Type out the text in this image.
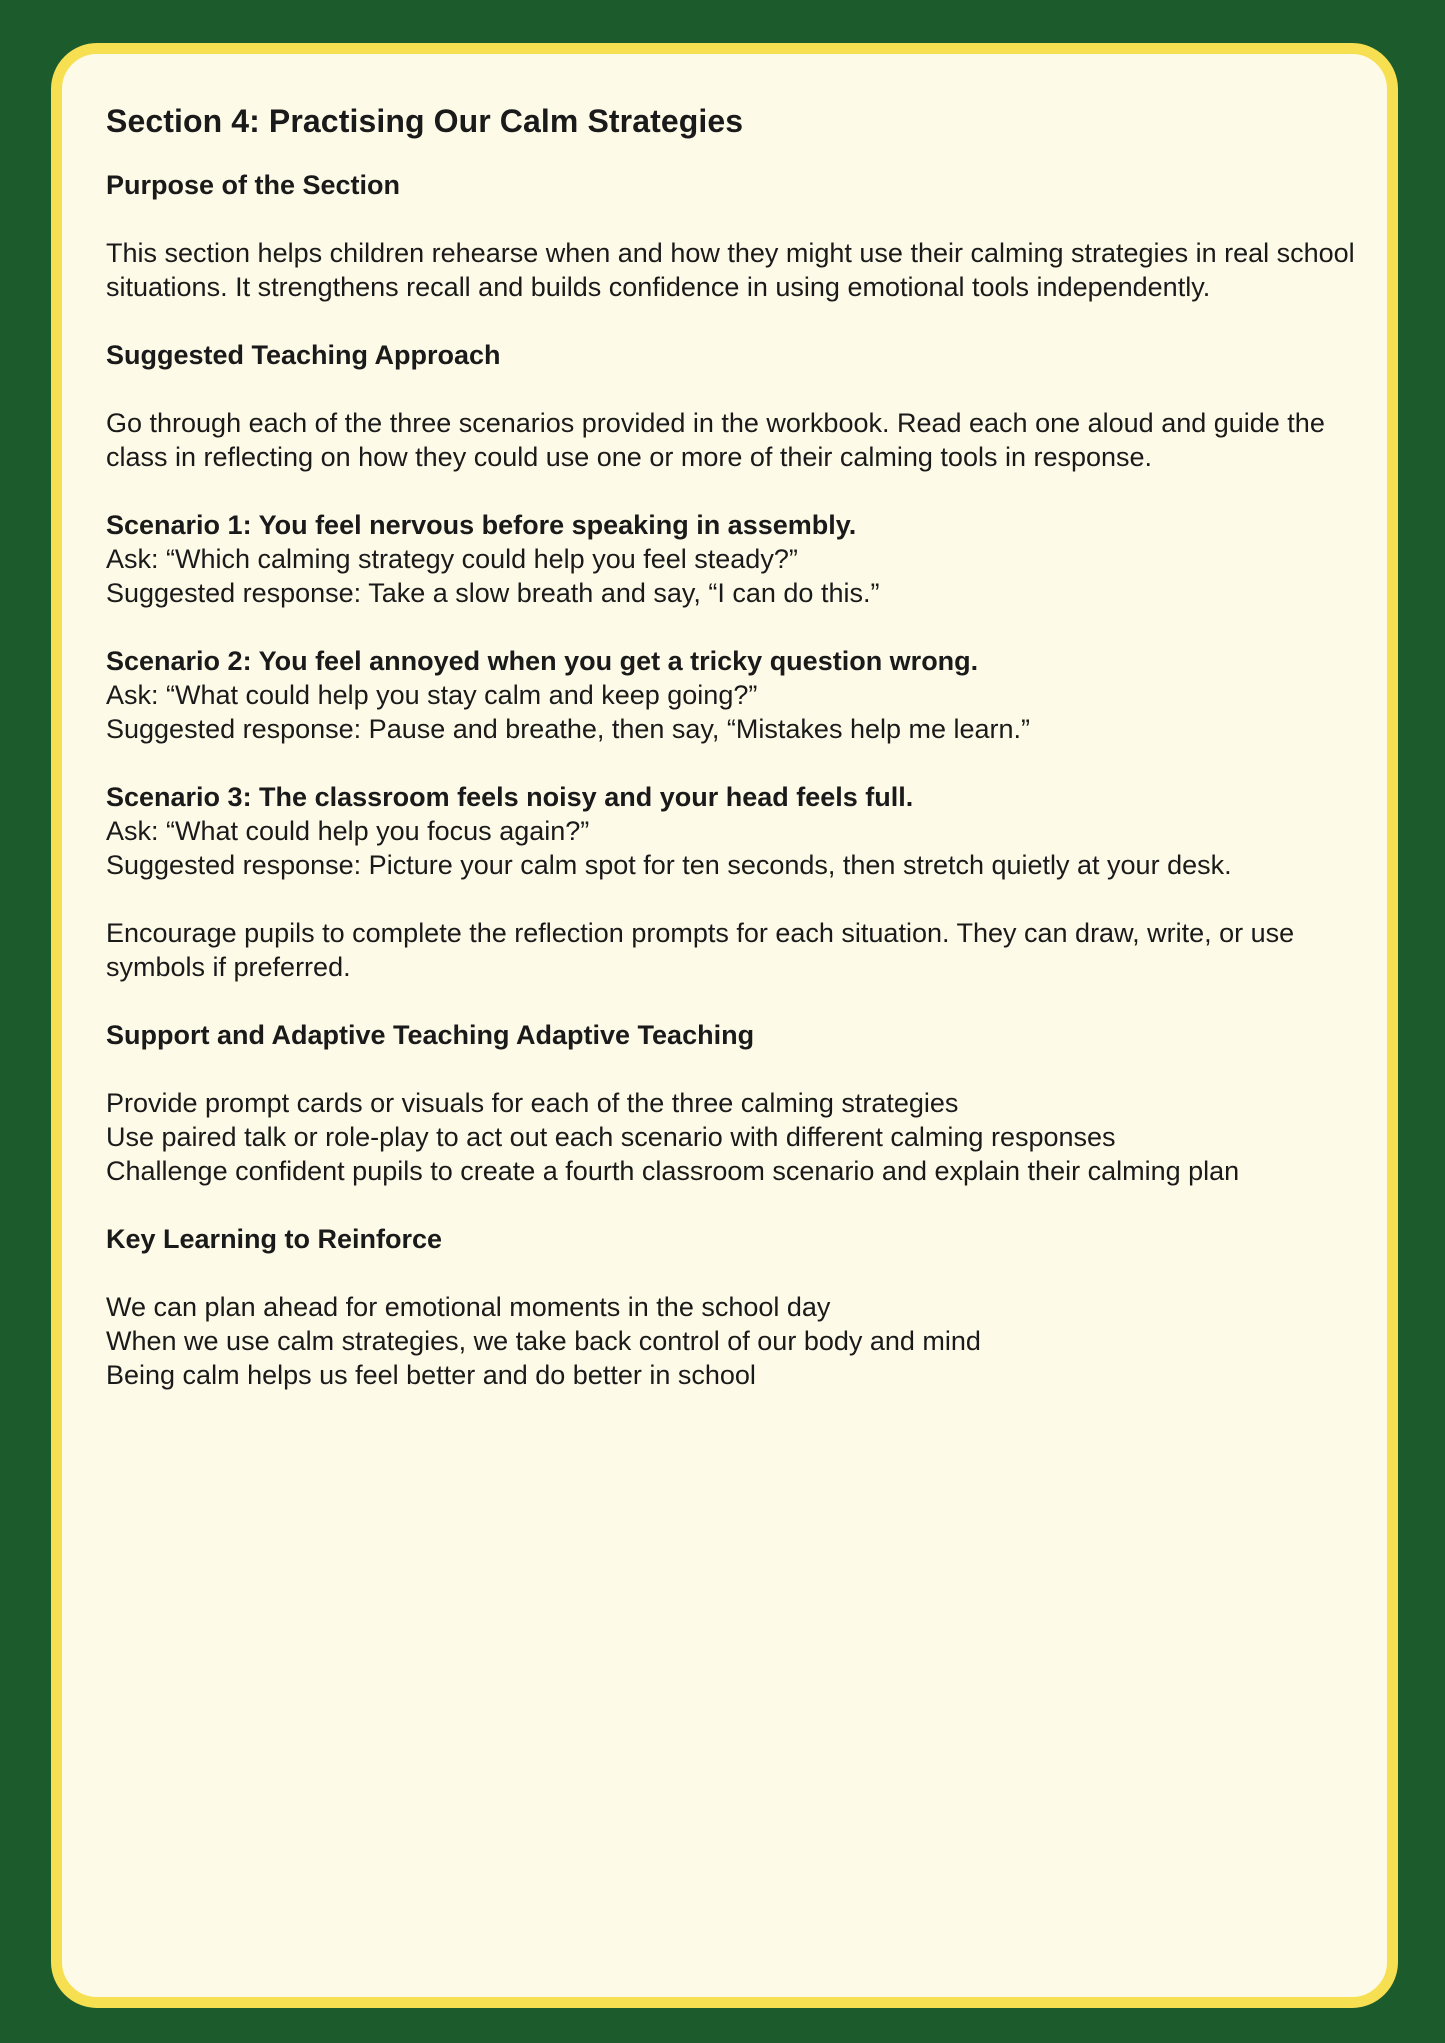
Section 4: Practising Our Calm Strategies
Purpose of the Section

This section helps children rehearse when and how they might use their calming strategies in real school situations. It strengthens recall and builds confidence in using emotional tools independently.

Suggested Teaching Approach

Go through each of the three scenarios provided in the workbook. Read each one aloud and guide the class in reflecting on how they could use one or more of their calming tools in response.

Scenario 1: You feel nervous before speaking in assembly.
Ask: “Which calming strategy could help you feel steady?”
Suggested response: Take a slow breath and say, “I can do this.”
Scenario 2: You feel annoyed when you get a tricky question wrong.
Ask: “What could help you stay calm and keep going?”
Suggested response: Pause and breathe, then say, “Mistakes help me learn.”
Scenario 3: The classroom feels noisy and your head feels full.
Ask: “What could help you focus again?”
Suggested response: Picture your calm spot for ten seconds, then stretch quietly at your desk.

Encourage pupils to complete the reflection prompts for each situation. They can draw, write, or use symbols if preferred.

Support and Adaptive Teaching Adaptive Teaching
Provide prompt cards or visuals for each of the three calming strategies
Use paired talk or role-play to act out each scenario with different calming responses
Challenge confident pupils to create a fourth classroom scenario and explain their calming plan
Key Learning to Reinforce
We can plan ahead for emotional moments in the school day
When we use calm strategies, we take back control of our body and mind
Being calm helps us feel better and do better in school
